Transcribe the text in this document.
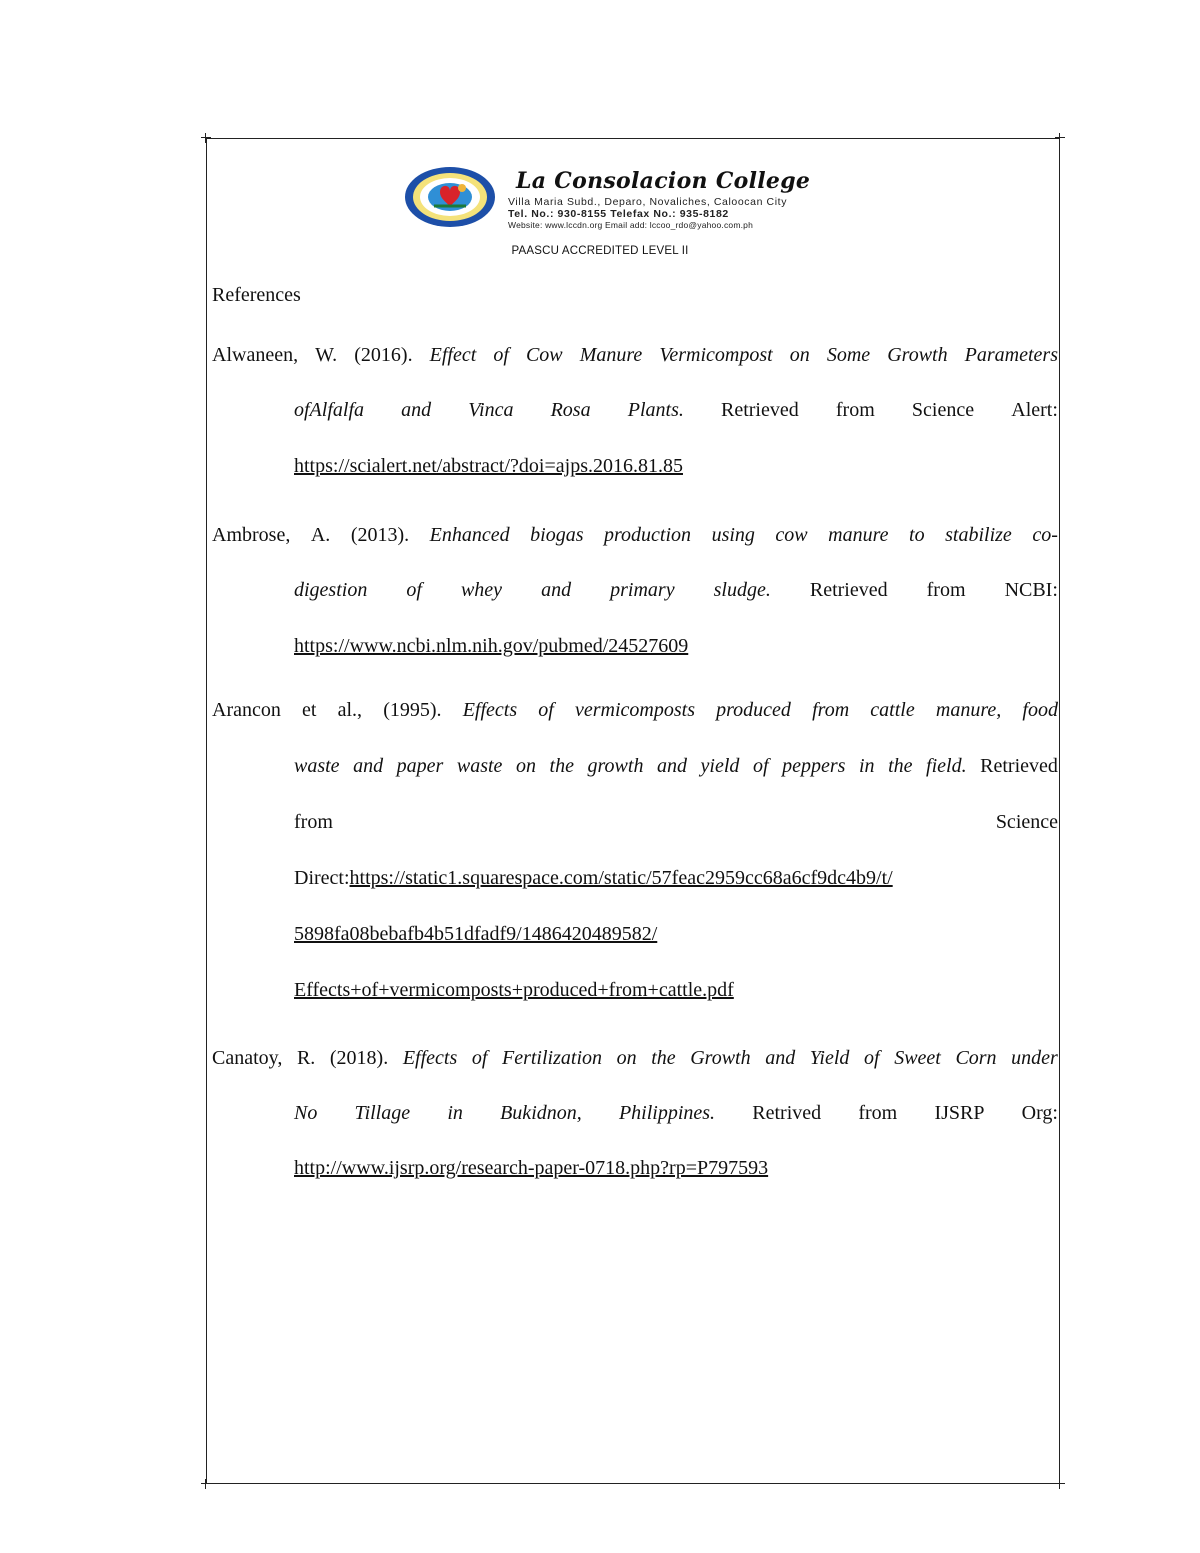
La Consolacion College
Villa Maria Subd., Deparo, Novaliches, Caloocan City
Tel. No.: 930-8155 Telefax No.: 935-8182
Website: www.lccdn.org Email add: lccoo_rdo@yahoo.com.ph
PAASCU ACCREDITED LEVEL II
References
Alwaneen, W. (2016). Effect of Cow Manure Vermicompost on Some Growth Parameters
ofAlfalfa and Vinca Rosa Plants. Retrieved from Science Alert:
https://scialert.net/abstract/?doi=ajps.2016.81.85
Ambrose, A. (2013). Enhanced biogas production using cow manure to stabilize co-
digestion of whey and primary sludge. Retrieved from NCBI:
https://www.ncbi.nlm.nih.gov/pubmed/24527609
Arancon et al., (1995). Effects of vermicomposts produced from cattle manure, food
waste and paper waste on the growth and yield of peppers in the field. Retrieved
from	Science
Direct:https://static1.squarespace.com/static/57feac2959cc68a6cf9dc4b9/t/
5898fa08bebafb4b51dfadf9/1486420489582/
Effects+of+vermicomposts+produced+from+cattle.pdf
Canatoy, R. (2018). Effects of Fertilization on the Growth and Yield of Sweet Corn under
No Tillage in Bukidnon, Philippines. Retrived from IJSRP Org:
http://www.ijsrp.org/research-paper-0718.php?rp=P797593
